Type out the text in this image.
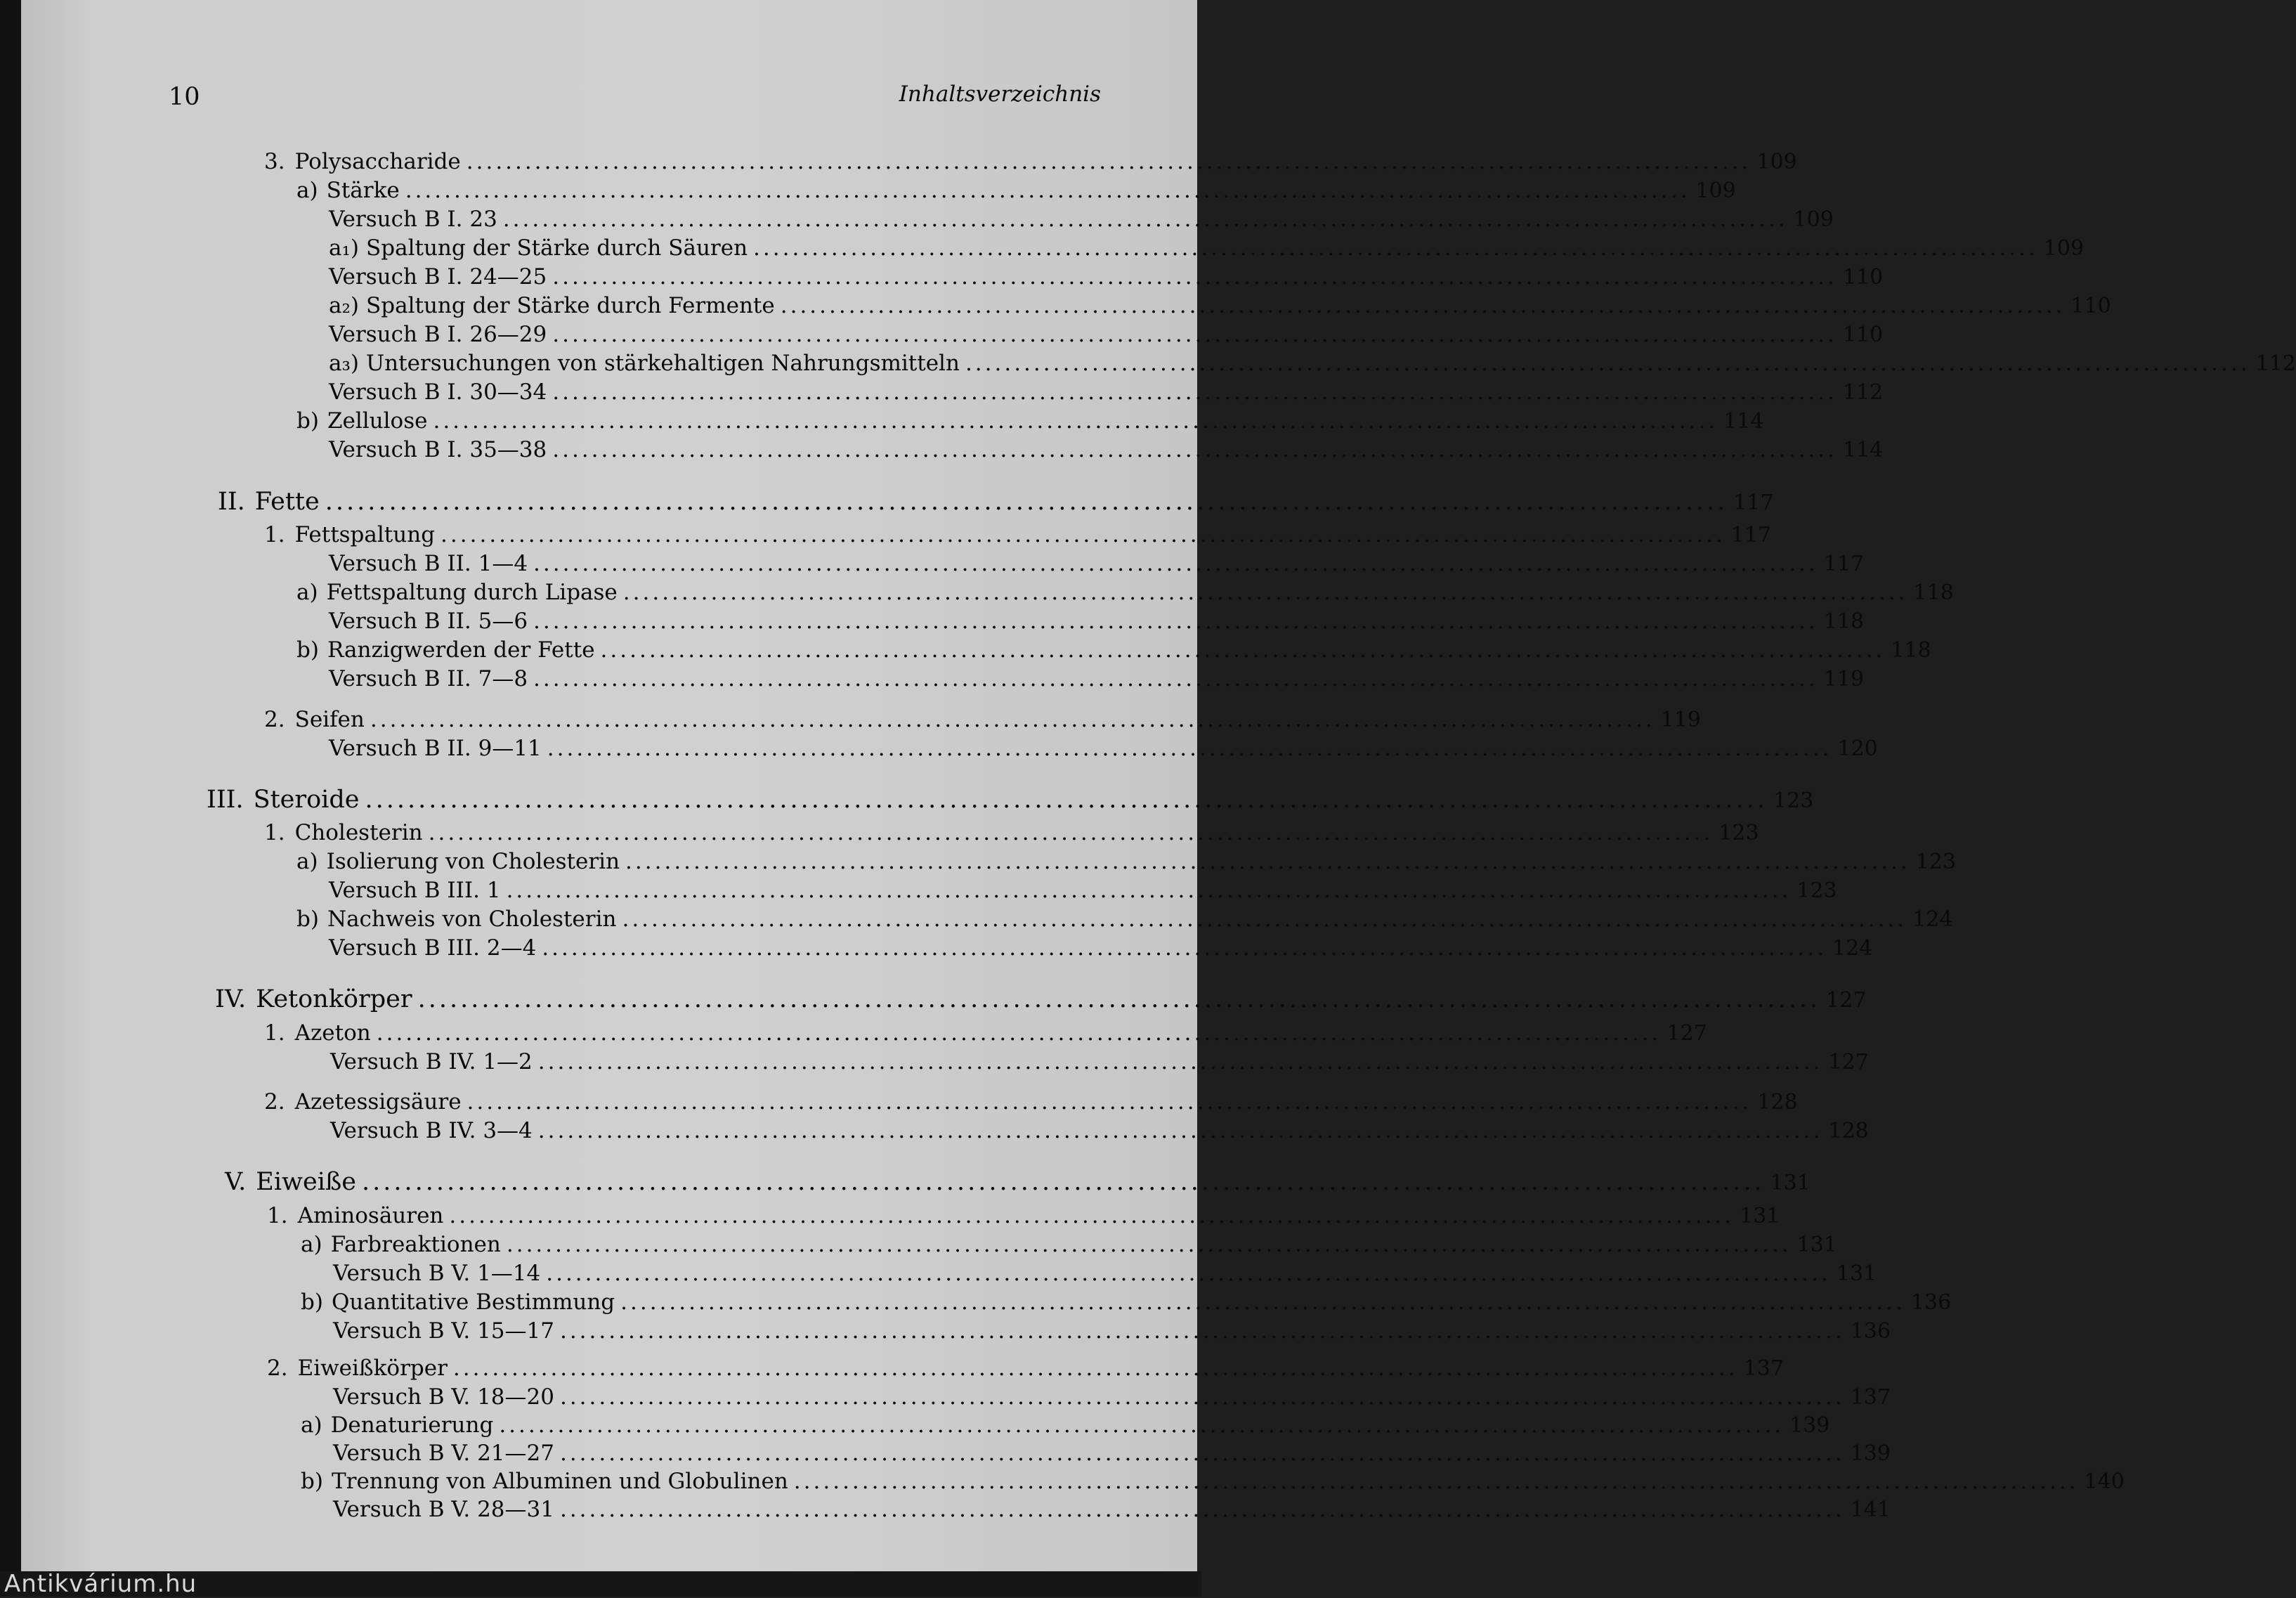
10	Inhaltsverzeichnis
3. Polysaccharide .................................................................................................................................... 109
a) Stärke .................................................................................................................................... 109
Versuch B I. 23 .................................................................................................................................... 109
a₁) Spaltung der Stärke durch Säuren .................................................................................................................................... 109
Versuch B I. 24—25 .................................................................................................................................... 110
a₂) Spaltung der Stärke durch Fermente .................................................................................................................................... 110
Versuch B I. 26—29 .................................................................................................................................... 110
a₃) Untersuchungen von stärkehaltigen Nahrungsmitteln .................................................................................................................................... 112
Versuch B I. 30—34 .................................................................................................................................... 112
b) Zellulose .................................................................................................................................... 114
Versuch B I. 35—38 .................................................................................................................................... 114
II. Fette .................................................................................................................................... 117
1. Fettspaltung .................................................................................................................................... 117
Versuch B II. 1—4 .................................................................................................................................... 117
a) Fettspaltung durch Lipase .................................................................................................................................... 118
Versuch B II. 5—6 .................................................................................................................................... 118
b) Ranzigwerden der Fette .................................................................................................................................... 118
Versuch B II. 7—8 .................................................................................................................................... 119
2. Seifen .................................................................................................................................... 119
Versuch B II. 9—11 .................................................................................................................................... 120
III. Steroide .................................................................................................................................... 123
1. Cholesterin .................................................................................................................................... 123
a) Isolierung von Cholesterin .................................................................................................................................... 123
Versuch B III. 1 .................................................................................................................................... 123
b) Nachweis von Cholesterin .................................................................................................................................... 124
Versuch B III. 2—4 .................................................................................................................................... 124
IV. Ketonkörper .................................................................................................................................... 127
1. Azeton .................................................................................................................................... 127
Versuch B IV. 1—2 .................................................................................................................................... 127
2. Azetessigsäure .................................................................................................................................... 128
Versuch B IV. 3—4 .................................................................................................................................... 128
V. Eiweiße .................................................................................................................................... 131
1. Aminosäuren .................................................................................................................................... 131
a) Farbreaktionen .................................................................................................................................... 131
Versuch B V. 1—14 .................................................................................................................................... 131
b) Quantitative Bestimmung .................................................................................................................................... 136
Versuch B V. 15—17 .................................................................................................................................... 136
2. Eiweißkörper .................................................................................................................................... 137
Versuch B V. 18—20 .................................................................................................................................... 137
a) Denaturierung .................................................................................................................................... 139
Versuch B V. 21—27 .................................................................................................................................... 139
b) Trennung von Albuminen und Globulinen .................................................................................................................................... 140
Versuch B V. 28—31 .................................................................................................................................... 141
Antikvárium.hu
